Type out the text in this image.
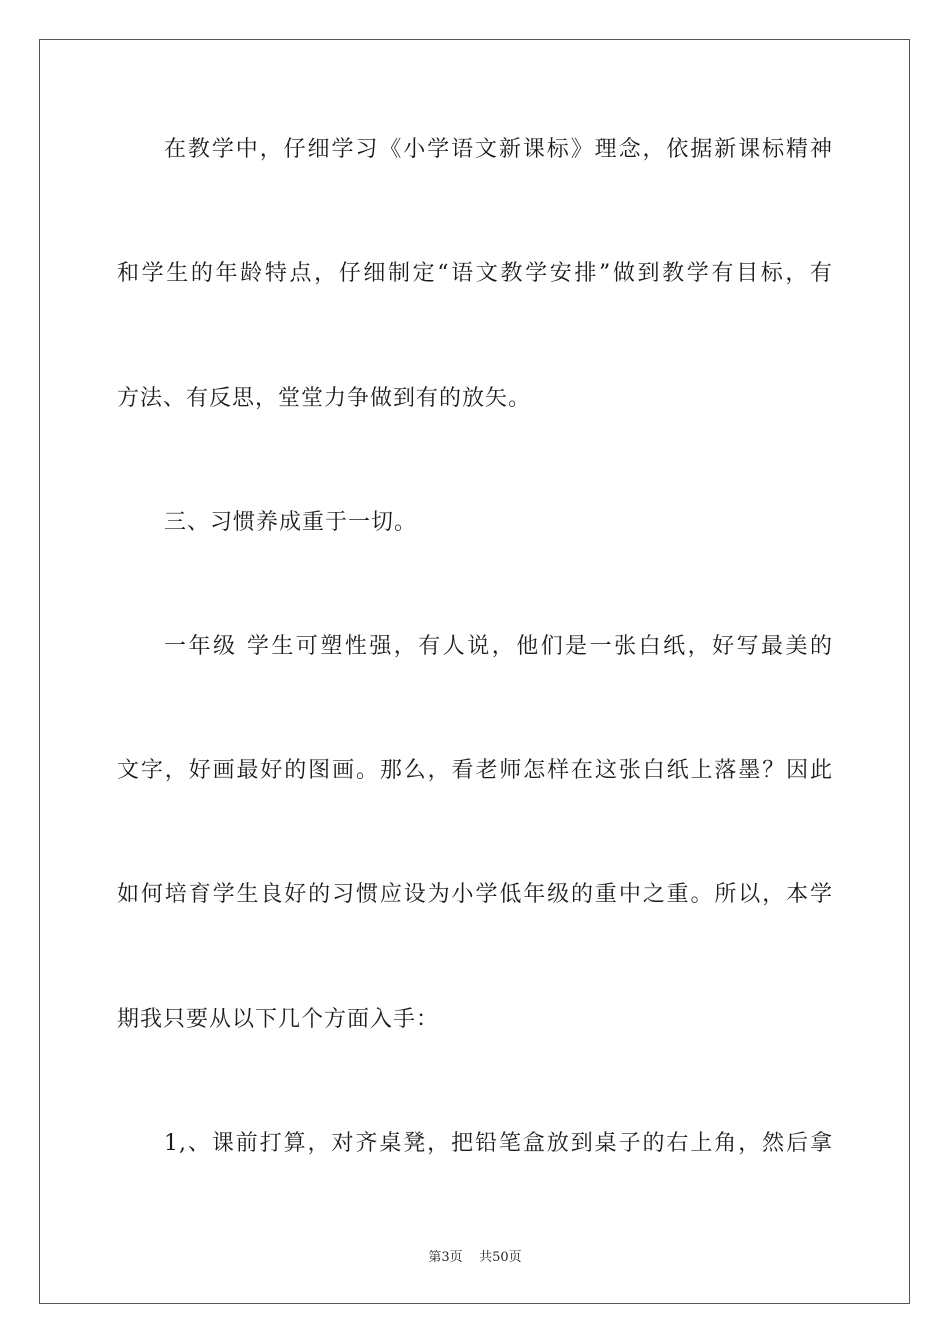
在教学中，仔细学习《小学语文新课标》理念，依据新课标精神
和学生的年龄特点，仔细制定“语文教学安排”做到教学有目标，有
方法、有反思，堂堂力争做到有的放矢。
三、习惯养成重于一切。
一年级 学生可塑性强，有人说，他们是一张白纸，好写最美的
文字，好画最好的图画。那么，看老师怎样在这张白纸上落墨？因此
如何培育学生良好的习惯应设为小学低年级的重中之重。所以，本学
期我只要从以下几个方面入手：
1,、课前打算，对齐桌凳，把铅笔盒放到桌子的右上角，然后拿
第3页    共50页
